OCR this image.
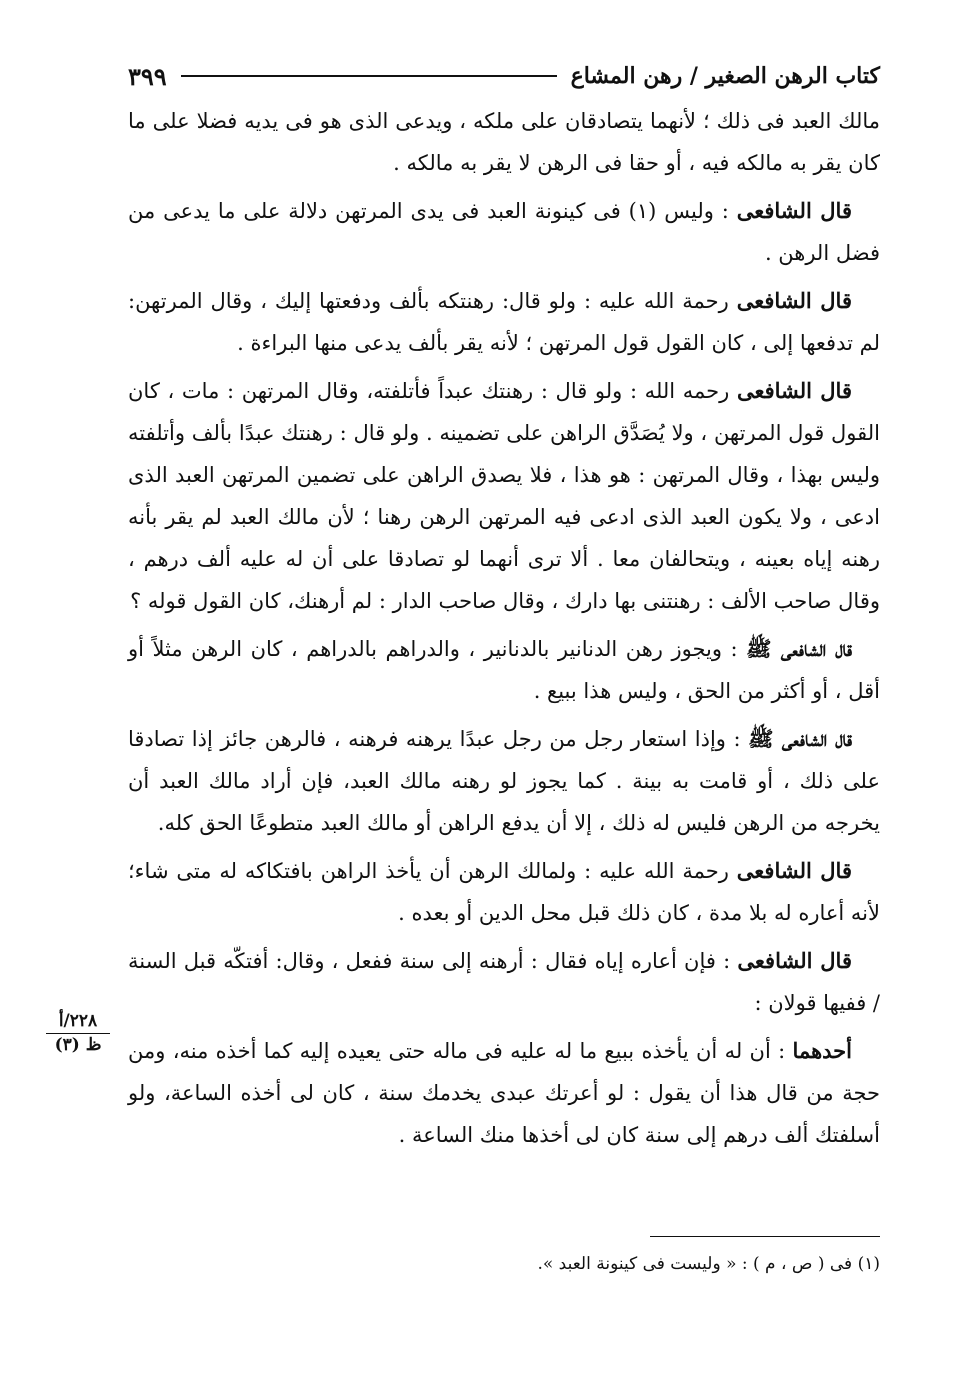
كتاب الرهن الصغير / رهن المشاع
٣٩٩

مالك العبد فى ذلك ؛ لأنهما يتصادقان على ملكه ، ويدعى الذى هو فى يديه فضلا على ما كان يقر به مالكه فيه ، أو حقا فى الرهن لا يقر به مالكه .

قال الشافعى : وليس (١) فى كينونة العبد فى يدى المرتهن دلالة على ما يدعى من فضل الرهن .

قال الشافعى رحمة الله عليه : ولو قال: رهنتكه بألف ودفعتها إليك ، وقال المرتهن: لم تدفعها إلى ، كان القول قول المرتهن ؛ لأنه يقر بألف يدعى منها البراءة .

قال الشافعى رحمه الله : ولو قال : رهنتك عبداً فأتلفته، وقال المرتهن : مات ، كان القول قول المرتهن ، ولا يُصَدَّق الراهن على تضمينه . ولو قال : رهنتك عبدًا بألف وأتلفته وليس بهذا ، وقال المرتهن : هو هذا ، فلا يصدق الراهن على تضمين المرتهن العبد الذى ادعى ، ولا يكون العبد الذى ادعى فيه المرتهن الرهن رهنا ؛ لأن مالك العبد لم يقر بأنه رهنه إياه بعينه ، ويتحالفان معا . ألا ترى أنهما لو تصادقا على أن له عليه ألف درهم ، وقال صاحب الألف : رهنتنى بها دارك ، وقال صاحب الدار : لم أرهنك، كان القول قوله ؟

قال الشافعى ﷺ : ويجوز رهن الدنانير بالدنانير ، والدراهم بالدراهم ، كان الرهن مثلاً أو أقل ، أو أكثر من الحق ، وليس هذا ببيع .

قال الشافعى ﷺ : وإذا استعار رجل من رجل عبدًا يرهنه فرهنه ، فالرهن جائز إذا تصادقا على ذلك ، أو قامت به بينة . كما يجوز لو رهنه مالك العبد، فإن أراد مالك العبد أن يخرجه من الرهن فليس له ذلك ، إلا أن يدفع الراهن أو مالك العبد متطوعًا الحق كله.

قال الشافعى رحمة الله عليه : ولمالك الرهن أن يأخذ الراهن بافتكاكه له متى شاء؛ لأنه أعاره له بلا مدة ، كان ذلك قبل محل الدين أو بعده .

قال الشافعى : فإن أعاره إياه فقال : أرهنه إلى سنة ففعل ، وقال: أفتكّه قبل السنة / ففيها قولان :

أحدهما : أن له أن يأخذه ببيع ما له عليه فى ماله حتى يعيده إليه كما أخذه منه، ومن حجة من قال هذا أن يقول : لو أعرتك عبدى يخدمك سنة ، كان لى أخذه الساعة، ولو أسلفتك ألف درهم إلى سنة كان لى أخذها منك الساعة .

٢٢٨/أ
ظ (٣)
(١) فى ( ص ، م ) : « وليست فى كينونة العبد ».
